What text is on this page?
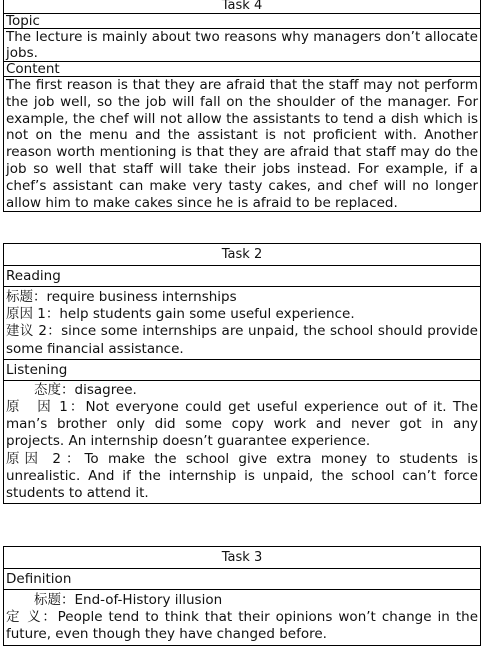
Task 4
Topic
The lecture is mainly about two reasons why managers don’t allocate jobs.
Content
The first reason is that they are afraid that the staff may not perform the job well, so the job will fall on the shoulder of the manager. For example, the chef will not allow the assistants to tend a dish which is not on the menu and the assistant is not proficient with. Another reason worth mentioning is that they are afraid that staff may do the job so well that staff will take their jobs instead. For example, if a chef’s assistant can make very tasty cakes, and chef will no longer allow him to make cakes since he is afraid to be replaced.
Task 2
Reading

标题：require business internships

原因 1：help students gain some useful experience.

建议 2：since some internships are unpaid, the school should provide some financial assistance.

Listening

态度：disagree.

原　因 1：Not everyone could get useful experience out of it. The man’s brother only did some copy work and never got in any projects. An internship doesn’t guarantee experience.

原因 2：To make the school give extra money to students is unrealistic. And if the internship is unpaid, the school can’t force students to attend it.

Task 3
Definition

标题：End-of-History illusion

定 义：People tend to think that their opinions won’t change in the future, even though they have changed before.
